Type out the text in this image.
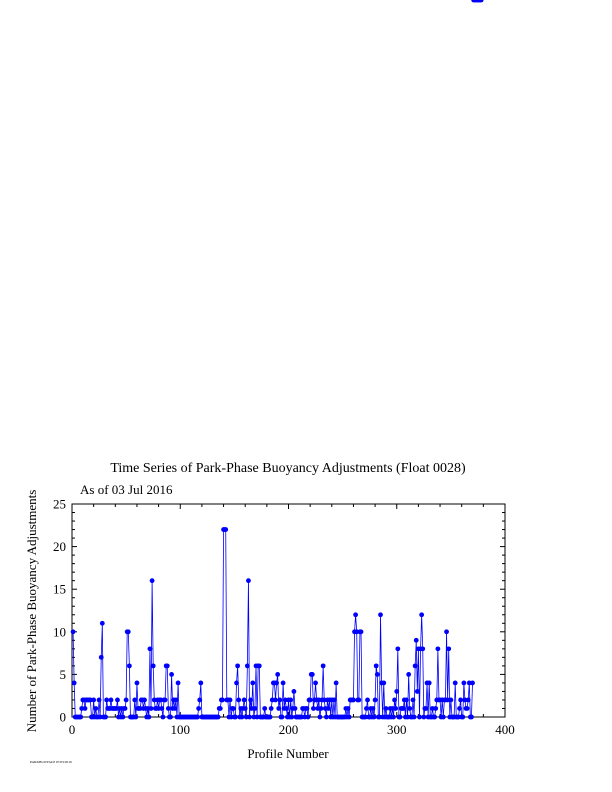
Time Series of Park-Phase Buoyancy Adjustments (Float 0028)
As of 03 Jul 2016
0	100	200	300	400
0
5
10
15
20
25
Profile Number
Number of Park-Phase Buoyancy Adjustments
PARKBUOYADJ 07/03/2016
